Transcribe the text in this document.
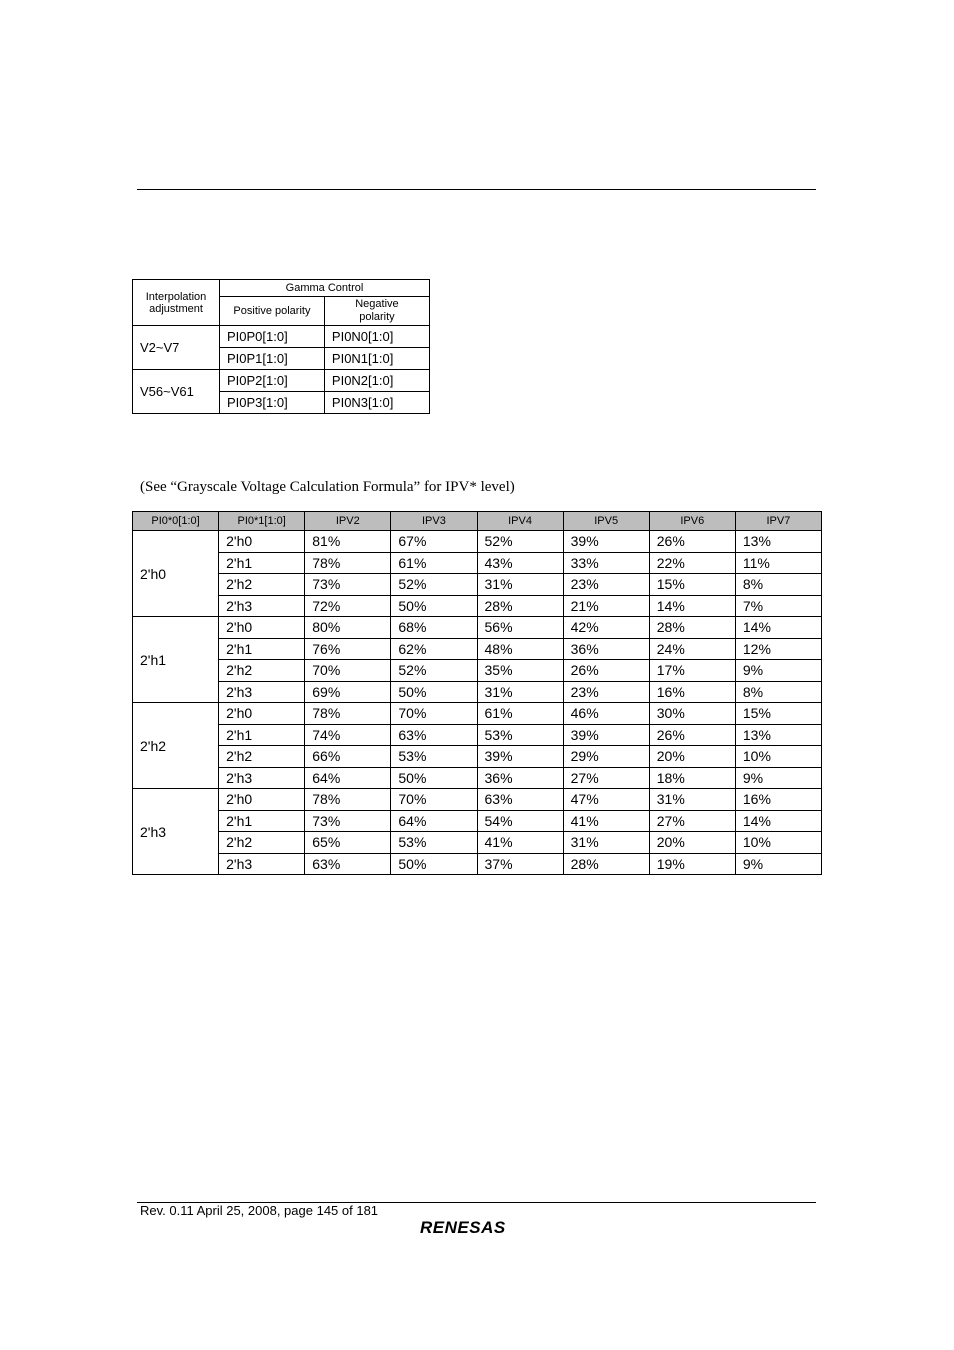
Interpolation adjustment	Gamma Control	
	Positive polarity	Negative polarity
V2~V7	PI0P0[1:0]	PI0N0[1:0]
	PI0P1[1:0]	PI0N1[1:0]
V56~V61	PI0P2[1:0]	PI0N2[1:0]
	PI0P3[1:0]	PI0N3[1:0]
(See “Grayscale Voltage Calculation Formula” for IPV* level)
PI0*0[1:0]	PI0*1[1:0]	IPV2	IPV3	IPV4	IPV5	IPV6	IPV7
2'h0	2'h0	81%	67%	52%	39%	26%	13%
	2'h1	78%	61%	43%	33%	22%	11%
	2'h2	73%	52%	31%	23%	15%	8%
	2'h3	72%	50%	28%	21%	14%	7%
2'h1	2'h0	80%	68%	56%	42%	28%	14%
	2'h1	76%	62%	48%	36%	24%	12%
	2'h2	70%	52%	35%	26%	17%	9%
	2'h3	69%	50%	31%	23%	16%	8%
2'h2	2'h0	78%	70%	61%	46%	30%	15%
	2'h1	74%	63%	53%	39%	26%	13%
	2'h2	66%	53%	39%	29%	20%	10%
	2'h3	64%	50%	36%	27%	18%	9%
2'h3	2'h0	78%	70%	63%	47%	31%	16%
	2'h1	73%	64%	54%	41%	27%	14%
	2'h2	65%	53%	41%	31%	20%	10%
	2'h3	63%	50%	37%	28%	19%	9%
Rev. 0.11 April 25, 2008, page 145 of 181
RENESAS
